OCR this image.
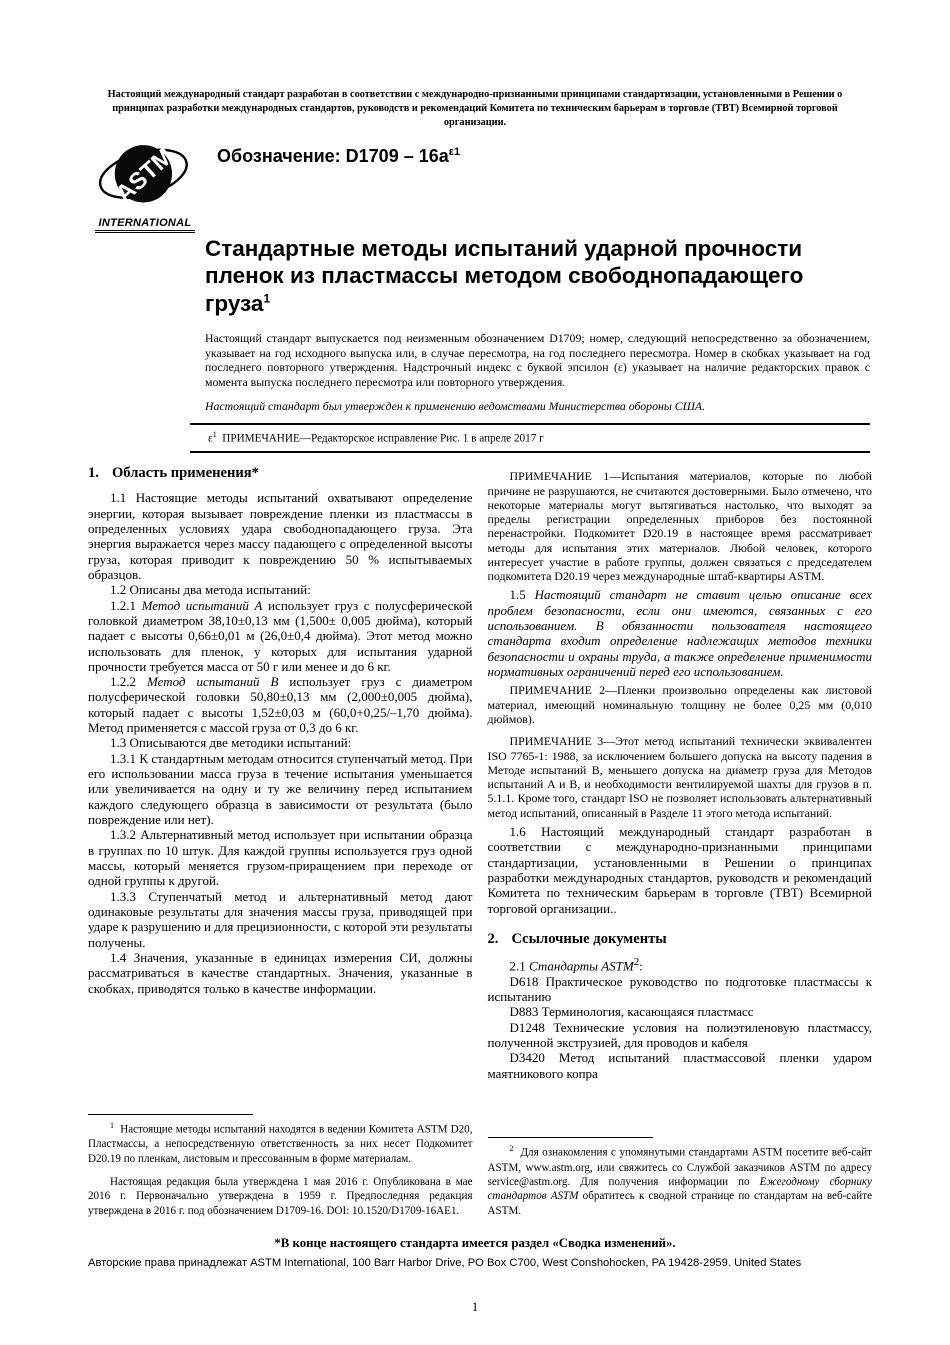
Настоящий международный стандарт разработан в соответствии с международно-признанными принципами стандартизации, установленными в Решении о принципах разработки международных стандартов, руководств и рекомендаций Комитета по техническим барьерам в торговле (ТВТ) Всемирной торговой организации.

ASTM
INTERNATIONAL
Обозначение: $D1709 - 16a^{\varepsilon 1}$
Стандартные методы испытаний ударной прочности пленок из пластмассы методом свободнопадающего груза$^1$

Настоящий стандарт выпускается под неизменным обозначением D1709; номер, следующий непосредственно за обозначением, указывает на год исходного выпуска или, в случае пересмотра, на год последнего пересмотра. Номер в скобках указывает на год последнего повторного утверждения. Надстрочный индекс с буквой эпсилон (ε) указывает на наличие редакторских правок с момента выпуска последнего пересмотра или повторного утверждения.

Настоящий стандарт был утвержден к применению ведомствами Министерства обороны США.

$\varepsilon^1$ ПРИМЕЧАНИЕ—Редакторское исправление Рис. 1 в апреле 2017 г
1. Область применения*

1.1 Настоящие методы испытаний охватывают определение энергии, которая вызывает повреждение пленки из пластмассы в определенных условиях удара свободнопадающего груза. Эта энергия выражается через массу падающего с определенной высоты груза, которая приводит к повреждению 50 % испытываемых образцов.

1.2 Описаны два метода испытаний:

1.2.1 Метод испытаний A использует груз с полусферической головкой диаметром 38,10±0,13 мм (1,500± 0,005 дюйма), который падает с высоты 0,66±0,01 м (26,0±0,4 дюйма). Этот метод можно использовать для пленок, у которых для испытания ударной прочности требуется масса от 50 г или менее и до 6 кг.

1.2.2 Метод испытаний B использует груз с диаметром полусферической головки 50,80±0,13 мм (2,000±0,005 дюйма), который падает с высоты 1,52±0,03 м (60,0+0,25/–1,70 дюйма). Метод применяется с массой груза от 0,3 до 6 кг.

1.3 Описываются две методики испытаний:

1.3.1 К стандартным методам относится ступенчатый метод. При его использовании масса груза в течение испытания уменьшается или увеличивается на одну и ту же величину перед испытанием каждого следующего образца в зависимости от результата (было повреждение или нет).

1.3.2 Альтернативный метод использует при испытании образца в группах по 10 штук. Для каждой группы используется груз одной массы, который меняется грузом-приращением при переходе от одной группы к другой.

1.3.3 Ступенчатый метод и альтернативный метод дают одинаковые результаты для значения массы груза, приводящей при ударе к разрушению и для прецизионности, с которой эти результаты получены.

1.4 Значения, указанные в единицах измерения СИ, должны рассматриваться в качестве стандартных. Значения, указанные в скобках, приводятся только в качестве информации.

$^1$ Настоящие методы испытаний находятся в ведении Комитета ASTM D20, Пластмассы, а непосредственную ответственность за них несет Подкомитет D20.19 по пленкам, листовым и прессованным в форме материалам.

Настоящая редакция была утверждена 1 мая 2016 г. Опубликована в мае 2016 г. Первоначально утверждена в 1959 г. Предпоследняя редакция утверждена в 2016 г. под обозначением D1709-16. DOI: 10.1520/D1709-16AE1.

ПРИМЕЧАНИЕ 1—Испытания материалов, которые по любой причине не разрушаются, не считаются достоверными. Было отмечено, что некоторые материалы могут вытягиваться настолько, что выходят за пределы регистрации определенных приборов без постоянной перенастройки. Подкомитет D20.19 в настоящее время рассматривает методы для испытания этих материалов. Любой человек, которого интересует участие в работе группы, должен связаться с председателем подкомитета D20.19 через международные штаб-квартиры ASTM.

1.5 Настоящий стандарт не ставит целью описание всех проблем безопасности, если они имеются, связанных с его использованием. В обязанности пользователя настоящего стандарта входит определение надлежащих методов техники безопасности и охраны труда, а также определение применимости нормативных ограничений перед его использованием.

ПРИМЕЧАНИЕ 2—Пленки произвольно определены как листовой материал, имеющий номинальную толщину не более 0,25 мм (0,010 дюймов).

ПРИМЕЧАНИЕ 3—Этот метод испытаний технически эквивалентен ISO 7765-1: 1988, за исключением большего допуска на высоту падения в Методе испытаний B, меньшего допуска на диаметр груза для Методов испытаний A и B, и необходимости вентилируемой шахты для грузов в п. 5.1.1. Кроме того, стандарт ISO не позволяет использовать альтернативный метод испытаний, описанный в Разделе 11 этого метода испытаний.

1.6 Настоящий международный стандарт разработан в соответствии с международно-признанными принципами стандартизации, установленными в Решении о принципах разработки международных стандартов, руководств и рекомендаций Комитета по техническим барьерам в торговле (ТВТ) Всемирной торговой организации..

2. Ссылочные документы

2.1 Стандарты ASTM$^2$:

D618 Практическое руководство по подготовке пластмассы к испытанию

D883 Терминология, касающаяся пластмасс

D1248 Технические условия на полиэтиленовую пластмассу, полученной экструзией, для проводов и кабеля

D3420 Метод испытаний пластмассовой пленки ударом маятникового копра

$^2$ Для ознакомления с упомянутыми стандартами ASTM посетите веб-сайт ASTM, www.astm.org, или свяжитесь со Службой заказчиков ASTM по адресу service@astm.org. Для получения информации по Ежегодному сборнику стандартов ASTM обратитесь к сводной странице по стандартам на веб-сайте ASTM.

*В конце настоящего стандарта имеется раздел «Сводка изменений».

Авторские права принадлежат ASTM International, 100 Barr Harbor Drive, PO Box C700, West Conshohocken, PA 19428-2959. United States

1
